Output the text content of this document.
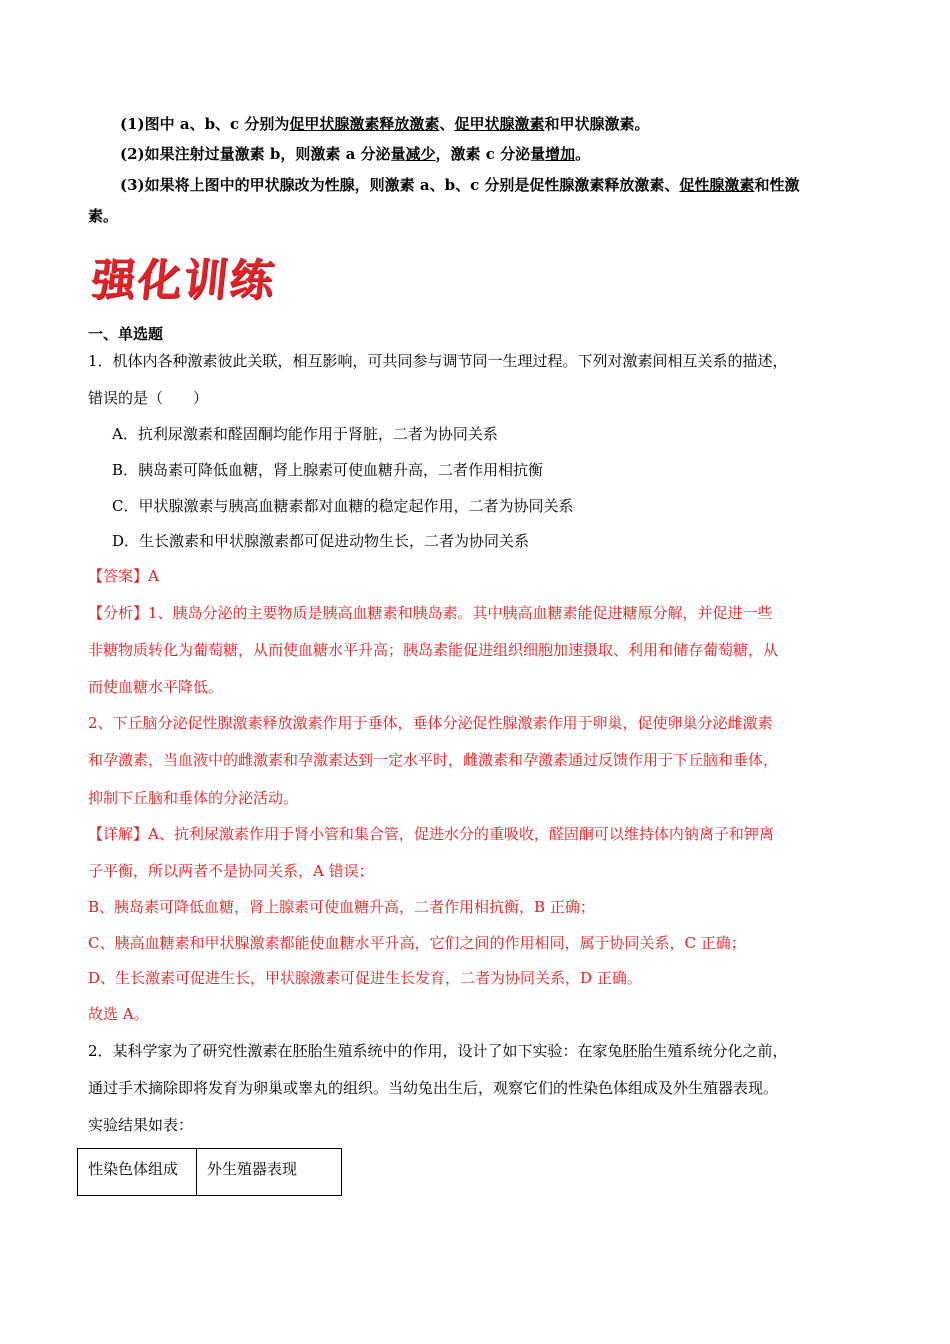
(1)图中 a、b、c 分别为促甲状腺激素释放激素、促甲状腺激素和甲状腺激素。

(2)如果注射过量激素 b，则激素 a 分泌量减少，激素 c 分泌量增加。

(3)如果将上图中的甲状腺改为性腺，则激素 a、b、c 分别是促性腺激素释放激素、促性腺激素和性激

素。

强化训练

一、单选题

1．机体内各种激素彼此关联，相互影响，可共同参与调节同一生理过程。下列对激素间相互关系的描述，

错误的是（　　）

A．抗利尿激素和醛固酮均能作用于肾脏，二者为协同关系

B．胰岛素可降低血糖，肾上腺素可使血糖升高，二者作用相抗衡

C．甲状腺激素与胰高血糖素都对血糖的稳定起作用，二者为协同关系

D．生长激素和甲状腺激素都可促进动物生长，二者为协同关系

【答案】A

【分析】1、胰岛分泌的主要物质是胰高血糖素和胰岛素。其中胰高血糖素能促进糖原分解，并促进一些

非糖物质转化为葡萄糖，从而使血糖水平升高；胰岛素能促进组织细胞加速摄取、利用和储存葡萄糖，从

而使血糖水平降低。

2、下丘脑分泌促性腺激素释放激素作用于垂体，垂体分泌促性腺激素作用于卵巢，促使卵巢分泌雌激素

和孕激素，当血液中的雌激素和孕激素达到一定水平时，雌激素和孕激素通过反馈作用于下丘脑和垂体，

抑制下丘脑和垂体的分泌活动。

【详解】A、抗利尿激素作用于肾小管和集合管，促进水分的重吸收，醛固酮可以维持体内钠离子和钾离

子平衡，所以两者不是协同关系，A 错误；

B、胰岛素可降低血糖，肾上腺素可使血糖升高，二者作用相抗衡，B 正确；

C、胰高血糖素和甲状腺激素都能使血糖水平升高，它们之间的作用相同，属于协同关系，C 正确；

D、生长激素可促进生长，甲状腺激素可促进生长发育，二者为协同关系，D 正确。

故选 A。

2．某科学家为了研究性激素在胚胎生殖系统中的作用，设计了如下实验：在家兔胚胎生殖系统分化之前，

通过手术摘除即将发育为卵巢或睾丸的组织。当幼兔出生后，观察它们的性染色体组成及外生殖器表现。

实验结果如表：

性染色体组成	外生殖器表现
